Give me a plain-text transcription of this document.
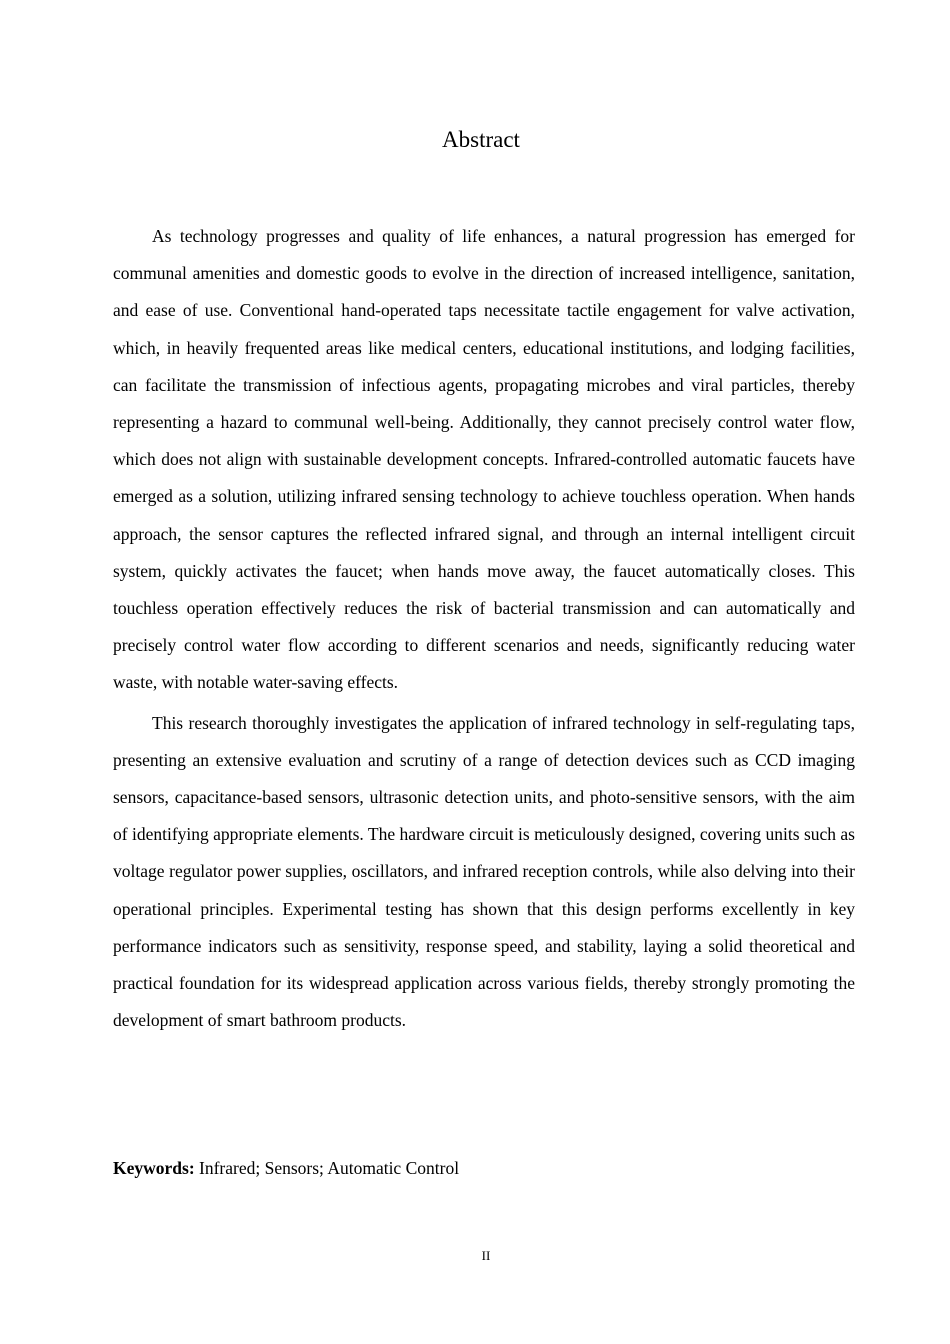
Abstract

As technology progresses and quality of life enhances, a natural progression has emerged for communal amenities and domestic goods to evolve in the direction of increased intelligence, sanitation, and ease of use. Conventional hand-operated taps necessitate tactile engagement for valve activation, which, in heavily frequented areas like medical centers, educational institutions, and lodging facilities, can facilitate the transmission of infectious agents, propagating microbes and viral particles, thereby representing a hazard to communal well-being. Additionally, they cannot precisely control water flow, which does not align with sustainable development concepts. Infrared-controlled automatic faucets have emerged as a solution, utilizing infrared sensing technology to achieve touchless operation. When hands approach, the sensor captures the reflected infrared signal, and through an internal intelligent circuit system, quickly activates the faucet; when hands move away, the faucet automatically closes. This touchless operation effectively reduces the risk of bacterial transmission and can automatically and precisely control water flow according to different scenarios and needs, significantly reducing water waste, with notable water-saving effects.

This research thoroughly investigates the application of infrared technology in self-regulating taps, presenting an extensive evaluation and scrutiny of a range of detection devices such as CCD imaging sensors, capacitance-based sensors, ultrasonic detection units, and photo-sensitive sensors, with the aim of identifying appropriate elements. The hardware circuit is meticulously designed, covering units such as voltage regulator power supplies, oscillators, and infrared reception controls, while also delving into their operational principles. Experimental testing has shown that this design performs excellently in key performance indicators such as sensitivity, response speed, and stability, laying a solid theoretical and practical foundation for its widespread application across various fields, thereby strongly promoting the development of smart bathroom products.

Keywords: Infrared; Sensors; Automatic Control

II
